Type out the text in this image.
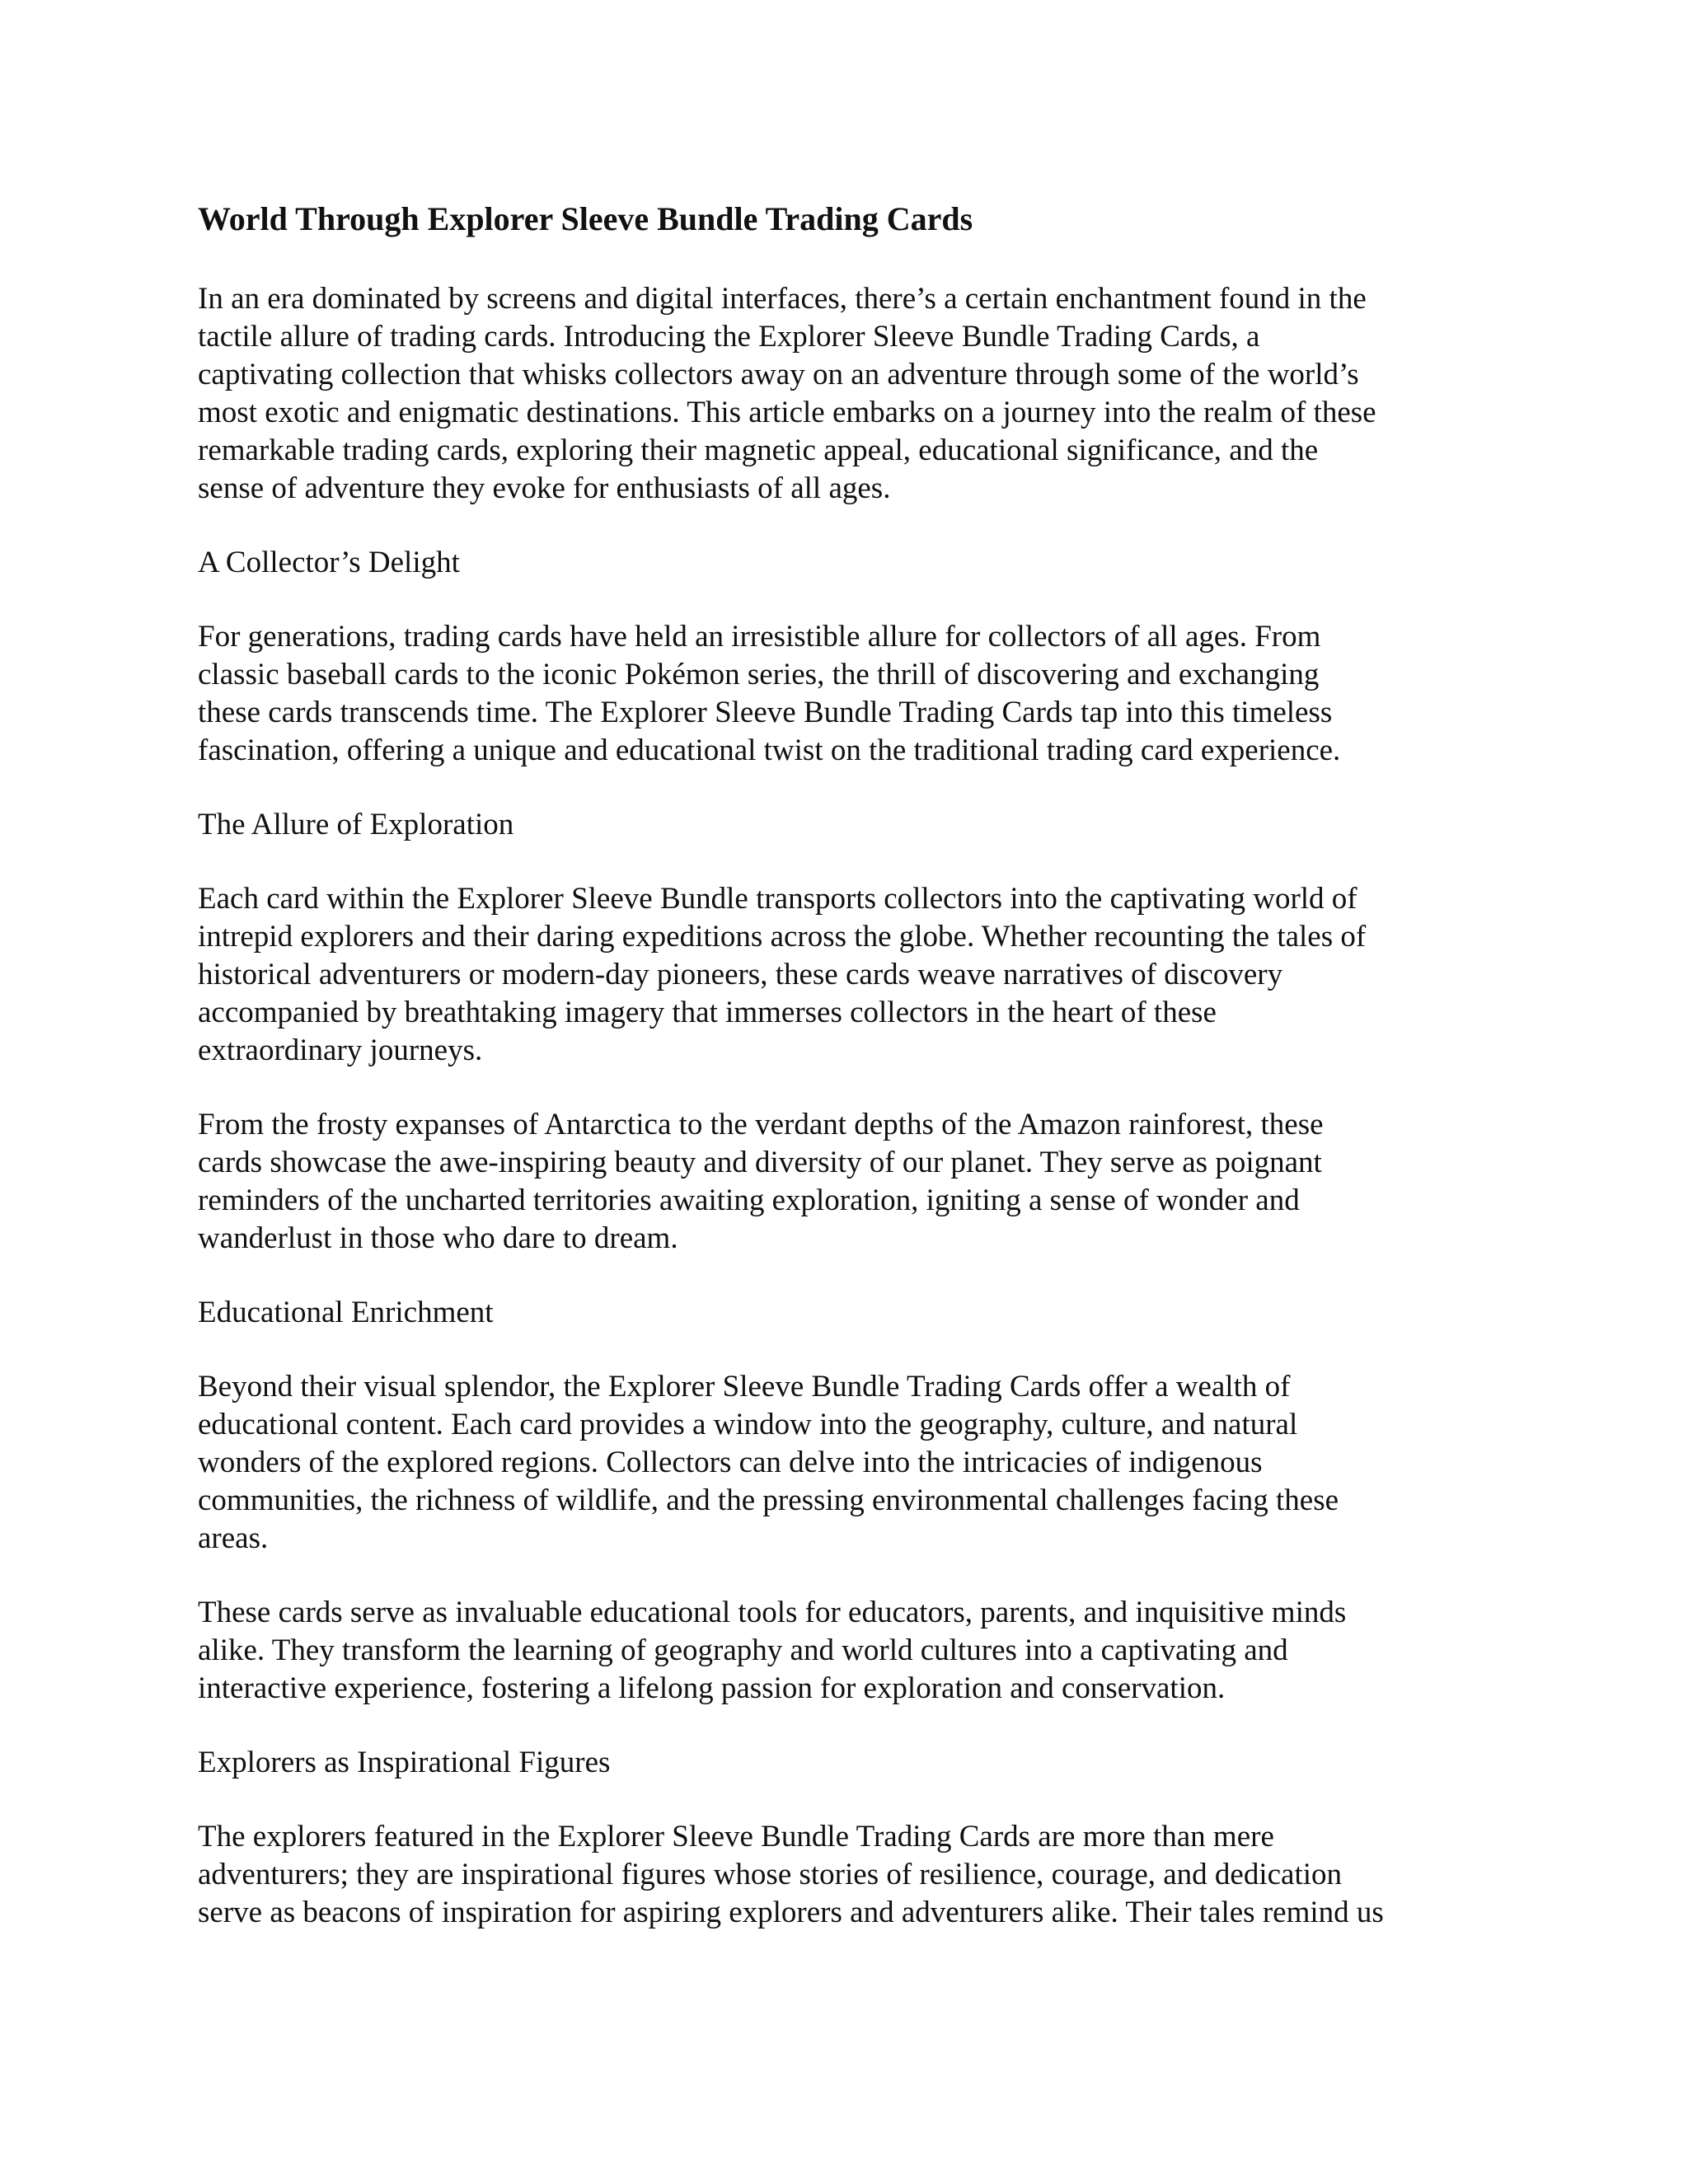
World Through Explorer Sleeve Bundle Trading Cards
In an era dominated by screens and digital interfaces, there’s a certain enchantment found in the
tactile allure of trading cards. Introducing the Explorer Sleeve Bundle Trading Cards, a
captivating collection that whisks collectors away on an adventure through some of the world’s
most exotic and enigmatic destinations. This article embarks on a journey into the realm of these
remarkable trading cards, exploring their magnetic appeal, educational significance, and the
sense of adventure they evoke for enthusiasts of all ages.
A Collector’s Delight
For generations, trading cards have held an irresistible allure for collectors of all ages. From
classic baseball cards to the iconic Pokémon series, the thrill of discovering and exchanging
these cards transcends time. The Explorer Sleeve Bundle Trading Cards tap into this timeless
fascination, offering a unique and educational twist on the traditional trading card experience.
The Allure of Exploration
Each card within the Explorer Sleeve Bundle transports collectors into the captivating world of
intrepid explorers and their daring expeditions across the globe. Whether recounting the tales of
historical adventurers or modern-day pioneers, these cards weave narratives of discovery
accompanied by breathtaking imagery that immerses collectors in the heart of these
extraordinary journeys.
From the frosty expanses of Antarctica to the verdant depths of the Amazon rainforest, these
cards showcase the awe-inspiring beauty and diversity of our planet. They serve as poignant
reminders of the uncharted territories awaiting exploration, igniting a sense of wonder and
wanderlust in those who dare to dream.
Educational Enrichment
Beyond their visual splendor, the Explorer Sleeve Bundle Trading Cards offer a wealth of
educational content. Each card provides a window into the geography, culture, and natural
wonders of the explored regions. Collectors can delve into the intricacies of indigenous
communities, the richness of wildlife, and the pressing environmental challenges facing these
areas.
These cards serve as invaluable educational tools for educators, parents, and inquisitive minds
alike. They transform the learning of geography and world cultures into a captivating and
interactive experience, fostering a lifelong passion for exploration and conservation.
Explorers as Inspirational Figures
The explorers featured in the Explorer Sleeve Bundle Trading Cards are more than mere
adventurers; they are inspirational figures whose stories of resilience, courage, and dedication
serve as beacons of inspiration for aspiring explorers and adventurers alike. Their tales remind us
